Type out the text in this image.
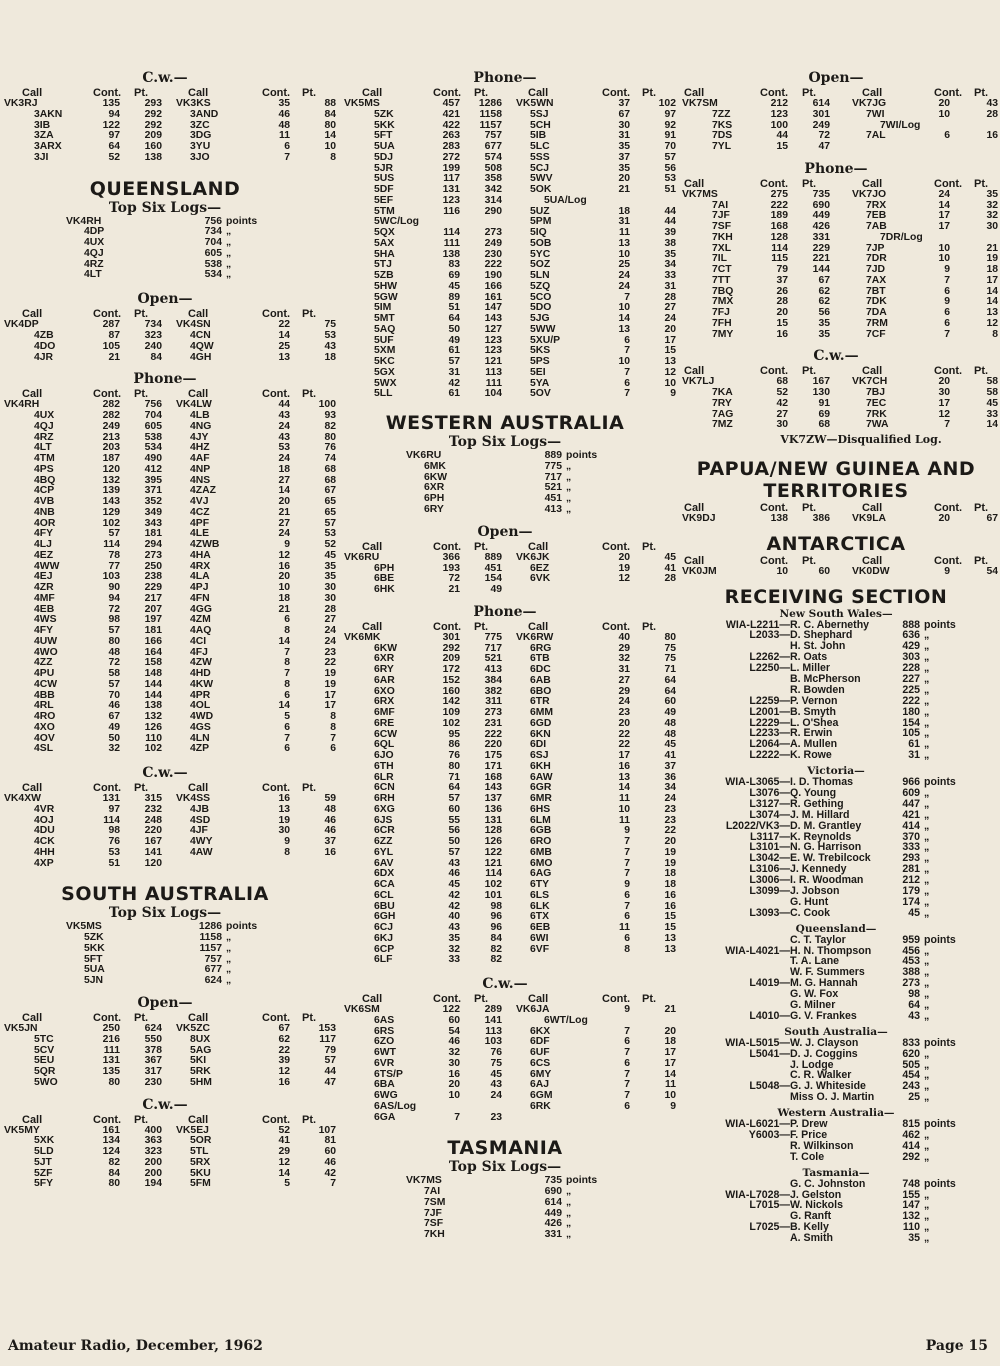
C.w.—
Call	Cont. Pt.	Call	Cont. Pt.
VK3RJ	135	293 VK3KS	35	88
3AKN	94	292	3AND	46	84
3IB	122	292	3ZC	48	80
3ZA	97	209	3DG	11	14
3ARX	64	160	3YU	6	10
3JI	52	138	3JO	7	8
QUEENSLAND
Top Six Logs—
VK4RH	756 points
4DP	734 „
4UX	704 „
4QJ	605 „
4RZ	538 „
4LT	534 „
Open—
Call	Cont. Pt.	Call	Cont. Pt.
VK4DP	287	734 VK4SN	22	75
4ZB	87	323	4CN	14	53
4DO	105	240	4QW	25	43
4JR	21	84	4GH	13	18
Phone—
Call	Cont. Pt.	Call	Cont. Pt.
VK4RH	282	756 VK4LW	44	100
4UX	282	704	4LB	43	93
4QJ	249	605	4NG	24	82
4RZ	213	538	4JY	43	80
4LT	203	534	4HZ	53	76
4TM	187	490	4AF	24	74
4PS	120	412	4NP	18	68
4BQ	132	395	4NS	27	68
4CP	139	371	4ZAZ	14	67
4VB	143	352	4VJ	20	65
4NB	129	349	4CZ	21	65
4OR	102	343	4PF	27	57
4FY	57	181	4LE	24	53
4LJ	114	294	4ZWB	9	52
4EZ	78	273	4HA	12	45
4WW	77	250	4RX	16	35
4EJ	103	238	4LA	20	35
4ZR	90	229	4PJ	10	30
4MF	94	217	4FN	18	30
4EB	72	207	4GG	21	28
4WS	98	197	4ZM	6	27
4FY	57	181	4AQ	8	24
4UW	80	166	4CI	14	24
4WO	48	164	4FJ	7	23
4ZZ	72	158	4ZW	8	22
4PU	58	148	4HD	7	19
4CW	57	144	4KW	8	19
4BB	70	144	4PR	6	17
4RL	46	138	4OL	14	17
4RO	67	132	4WD	5	8
4XO	49	126	4GS	6	8
4OV	50	110	4LN	7	7
4SL	32	102	4ZP	6	6
C.w.—
Call	Cont. Pt.	Call	Cont. Pt.
VK4XW	131	315 VK4SS	16	59
4VR	97	232	4JB	13	48
4OJ	114	248	4SD	19	46
4DU	98	220	4JF	30	46
4CK	76	167	4WY	9	37
4HH	53	141	4AW	8	16
4XP	51	120
SOUTH AUSTRALIA
Top Six Logs—
VK5MS	1286 points
5ZK	1158 „
5KK	1157 „
5FT	757 „
5UA	677 „
5JN	624 „
Open—
Call	Cont. Pt.	Call	Cont. Pt.
VK5JN	250	624 VK5ZC	67	153
5TC	216	550	8UX	62	117
5CV	111	378	5AG	22	79
5EU	131	367	5KI	39	57
5QR	135	317	5RK	12	44
5WO	80	230	5HM	16	47
C.w.—
Call	Cont. Pt.	Call	Cont. Pt.
VK5MY	161	400 VK5EJ	52	107
5XK	134	363	5OR	41	81
5LD	124	323	5TL	29	60
5JT	82	200	5RX	12	46
5ZF	84	200	5KU	14	42
5FY	80	194	5FM	5	7
Phone—
Call	Cont. Pt.	Call	Cont. Pt.
VK5MS	457	1286 VK5WN	37	102
5ZK	421	1158	5SJ	67	97
5KK	422	1157	5CH	30	92
5FT	263	757	5IB	31	91
5UA	283	677	5LC	35	70
5DJ	272	574	5SS	37	57
5JR	199	508	5CJ	35	56
5US	117	358	5WV	20	53
5DF	131	342	5OK	21	51
5EF	123	314	5UA/Log
5TM	116	290	5UZ	18	44
5WC/Log	5PM	31	44
5QX	114	273	5IQ	11	39
5AX	111	249	5OB	13	38
5HA	138	230	5YC	10	35
5TJ	83	222	5OZ	25	34
5ZB	69	190	5LN	24	33
5HW	45	166	5ZQ	24	31
5GW	89	161	5CO	7	28
5IM	51	147	5DO	10	27
5MT	64	143	5JG	14	24
5AQ	50	127	5WW	13	20
5UF	49	123	5XU/P	6	17
5XM	61	123	5KS	7	15
5KC	57	121	5PS	10	13
5GX	31	113	5EI	7	12
5WX	42	111	5YA	6	10
5LL	61	104	5OV	7	9
WESTERN AUSTRALIA
Top Six Logs—
VK6RU	889 points
6MK	775 „
6KW	717 „
6XR	521 „
6PH	451 „
6RY	413 „
Open—
Call	Cont. Pt.	Call	Cont. Pt.
VK6RU	366	889 VK6JK	20	45
6PH	193	451	6EZ	19	41
6BE	72	154	6VK	12	28
6HK	21	49
Phone—
Call	Cont. Pt.	Call	Cont. Pt.
VK6MK	301	775 VK6RW	40	80
6KW	292	717	6RG	29	75
6XR	209	521	6TB	32	75
6RY	172	413	6DC	31	71
6AR	152	384	6AB	27	64
6XO	160	382	6BO	29	64
6RX	142	311	6TR	24	60
6MF	109	273	6MM	23	49
6RE	102	231	6GD	20	48
6CW	95	222	6KN	22	48
6QL	86	220	6DI	22	45
6JO	76	175	6SJ	17	41
6TH	80	171	6KH	16	37
6LR	71	168	6AW	13	36
6CN	64	143	6GR	14	34
6RH	57	137	6MR	11	24
6XG	60	136	6HS	10	23
6JS	55	131	6LM	11	23
6CR	56	128	6GB	9	22
6ZZ	50	126	6RO	7	20
6YL	57	122	6MB	7	19
6AV	43	121	6MO	7	19
6DX	46	114	6AG	7	18
6CA	45	102	6TY	9	18
6CL	42	101	6LS	6	16
6BU	42	98	6LK	7	16
6GH	40	96	6TX	6	15
6CJ	43	96	6EB	11	15
6KJ	35	84	6WI	6	13
6CP	32	82	6VF	8	13
6LF	33	82
C.w.—
Call	Cont. Pt.	Call	Cont. Pt.
VK6SM	122	289 VK6JA	9	21
6AS	60	141	6WT/Log
6RS	54	113	6KX	7	20
6ZO	46	103	6DF	6	18
6WT	32	76	6UF	7	17
6VR	30	75	6CS	6	17
6TS/P	16	45	6MY	7	14
6BA	20	43	6AJ	7	11
6WG	10	24	6GM	7	10
6AS/Log	6RK	6	9
6GA	7	23
TASMANIA
Top Six Logs—
VK7MS	735 points
7AI	690 „
7SM	614 „
7JF	449 „
7SF	426 „
7KH	331 „
Open—
Call	Cont. Pt.	Call	Cont. Pt.
VK7SM	212	614 VK7JG	20	43
7ZZ	123	301	7WI	10	28
7KS	100	249	7WI/Log
7DS	44	72	7AL	6	16
7YL	15	47
Phone—
Call	Cont. Pt.	Call	Cont. Pt.
VK7MS	275	735 VK7JO	24	35
7AI	222	690	7RX	14	32
7JF	189	449	7EB	17	32
7SF	168	426	7AB	17	30
7KH	128	331	7DR/Log
7XL	114	229	7JP	10	21
7IL	115	221	7DR	10	19
7CT	79	144	7JD	9	18
7TT	37	67	7AX	7	17
7BQ	26	62	7BT	6	14
7MX	28	62	7DK	9	14
7FJ	20	56	7DA	6	13
7FH	15	35	7RM	6	12
7MY	16	35	7CF	7	8
C.w.—
Call	Cont. Pt.	Call	Cont. Pt.
VK7LJ	68	167 VK7CH	20	58
7KA	52	130	7BJ	30	58
7RY	42	91	7EC	17	45
7AG	27	69	7RK	12	33
7MZ	30	68	7WA	7	14
VK7ZW—Disqualified Log.
PAPUA/NEW GUINEA AND
TERRITORIES
Call	Cont. Pt.	Call	Cont. Pt.
VK9DJ	138	386 VK9LA	20	67
ANTARCTICA
Call	Cont. Pt.	Call	Cont. Pt.
VK0JM	10	60 VK0DW	9	54
RECEIVING SECTION
New South Wales—
WIA-L2211— R. C. Abernethy	888 points
L2033— D. Shephard	636 „
H. St. John	429 „
L2262— R. Oats	303 „
L2250— L. Miller	228 „
B. McPherson	227 „
R. Bowden	225 „
L2259— P. Vernon	222 „
L2001— B. Smyth	180 „
L2229— L. O'Shea	154 „
L2233— R. Erwin	105 „
L2064— A. Mullen	61 „
L2222— K. Rowe	31 „
Victoria—
WIA-L3065— I. D. Thomas	966 points
L3076— Q. Young	609 „
L3127— R. Gething	447 „
L3074— J. M. Hillard	421 „
L2022/VK3— D. M. Grantley	414 „
L3117— K. Reynolds	370 „
L3101— N. G. Harrison	333 „
L3042— E. W. Trebilcock	293 „
L3106— J. Kennedy	281 „
L3006— I. R. Woodman	212 „
L3099— J. Jobson	179 „
G. Hunt	174 „
L3093— C. Cook	45 „
Queensland—
C. T. Taylor	959 points
WIA-L4021— H. N. Thompson	456 „
T. A. Lane	453 „
W. F. Summers	388 „
L4019— M. G. Hannah	273 „
G. W. Fox	98 „
G. Milner	64 „
L4010— G. V. Frankes	43 „
South Australia—
WIA-L5015— W. J. Clayson	833 points
L5041— D. J. Coggins	620 „
J. Lodge	505 „
C. R. Walker	454 „
L5048— G. J. Whiteside	243 „
Miss O. J. Martin	25 „
Western Australia—
WIA-L6021— P. Drew	815 points
Y6003— F. Price	462 „
R. Wilkinson	414 „
T. Cole	292 „
Tasmania—
G. C. Johnston	748 points
WIA-L7028— J. Gelston	155 „
L7015— W. Nickols	147 „
G. Ranft	132 „
L7025— B. Kelly	110 „
A. Smith	35 „
Amateur Radio, December, 1962	Page 15
